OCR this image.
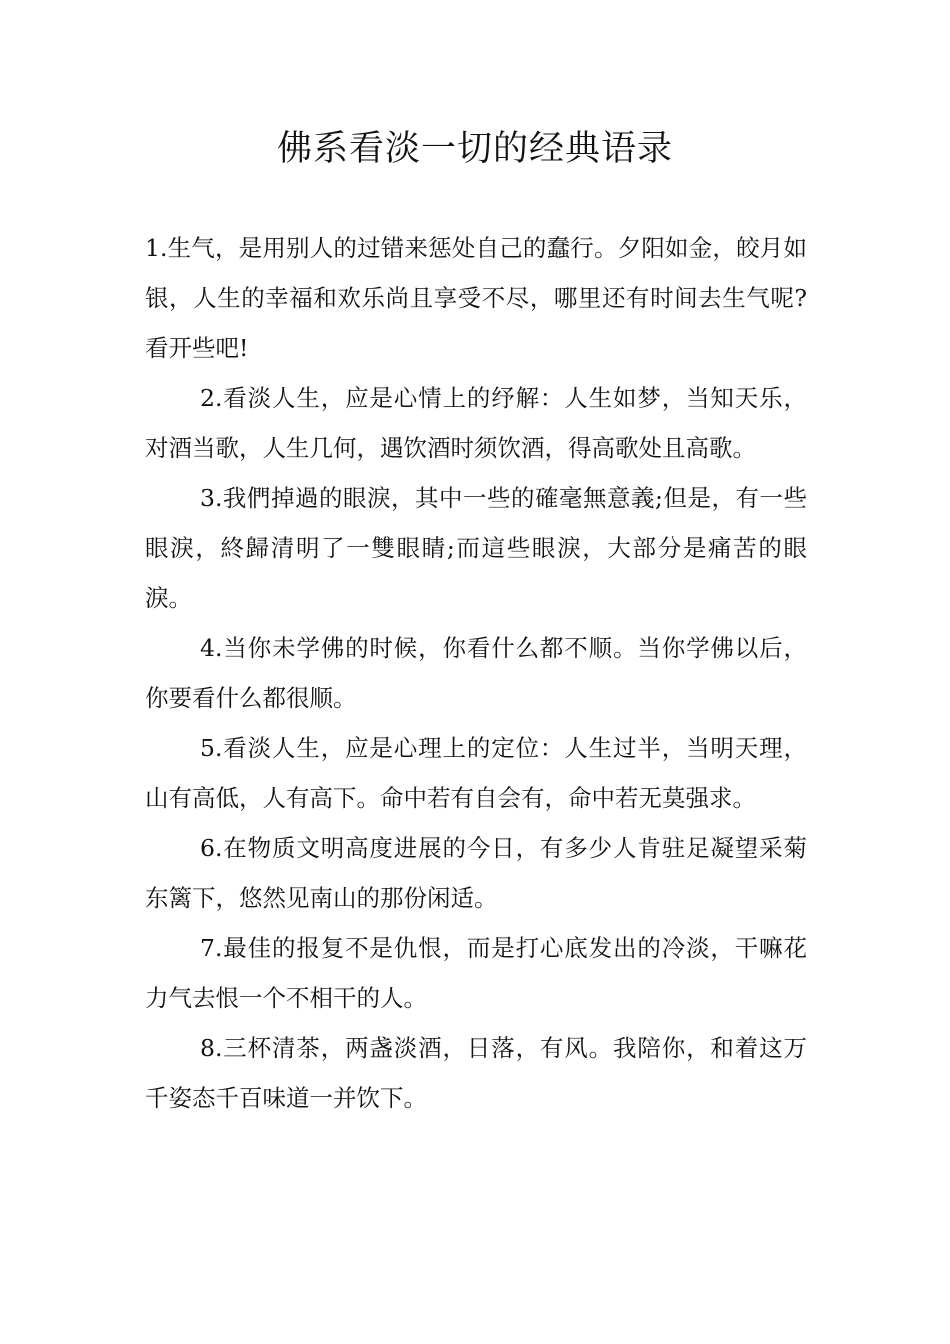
佛系看淡一切的经典语录

1.生气，是用别人的过错来惩处自己的蠢行。夕阳如金，皎月如银，人生的幸福和欢乐尚且享受不尽，哪里还有时间去生气呢?看开些吧!

2.看淡人生，应是心情上的纾解：人生如梦，当知天乐，对酒当歌，人生几何，遇饮酒时须饮酒，得高歌处且高歌。

3.我們掉過的眼淚，其中一些的確毫無意義;但是，有一些眼淚，終歸清明了一雙眼睛;而這些眼淚，大部分是痛苦的眼淚。

4.当你未学佛的时候，你看什么都不顺。当你学佛以后，你要看什么都很顺。

5.看淡人生，应是心理上的定位：人生过半，当明天理，山有高低，人有高下。命中若有自会有，命中若无莫强求。

6.在物质文明高度进展的今日，有多少人肯驻足凝望采菊东篱下，悠然见南山的那份闲适。

7.最佳的报复不是仇恨，而是打心底发出的冷淡，干嘛花力气去恨一个不相干的人。

8.三杯清茶，两盏淡酒，日落，有风。我陪你，和着这万千姿态千百味道一并饮下。
